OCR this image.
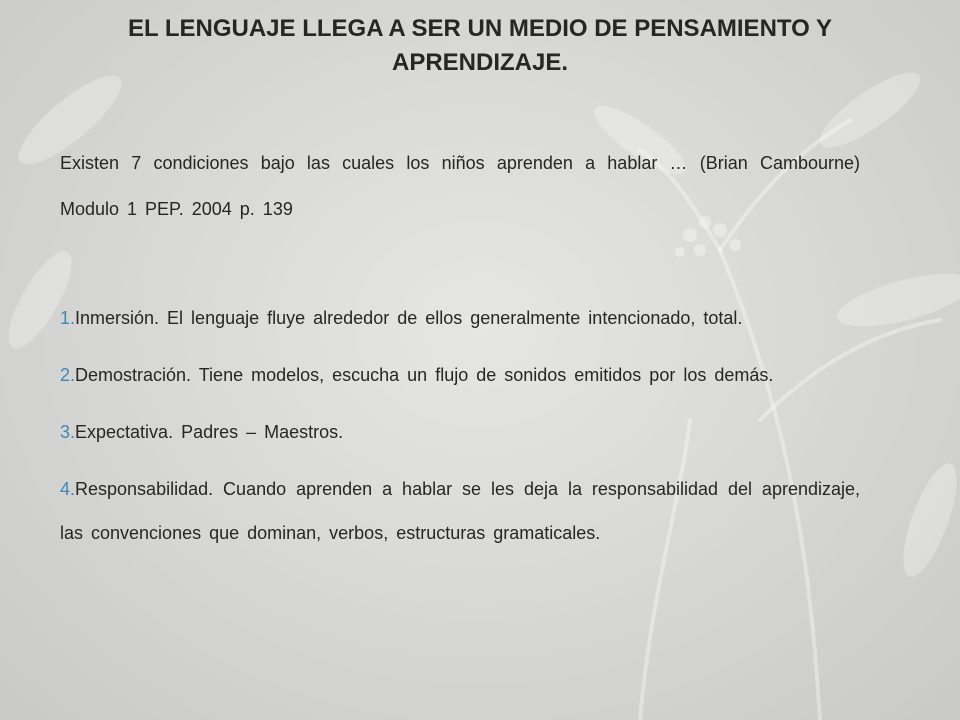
EL LENGUAJE LLEGA A SER UN MEDIO DE PENSAMIENTO Y APRENDIZAJE.

Existen 7 condiciones bajo las cuales los niños aprenden a hablar … (Brian Cambourne) Modulo 1 PEP. 2004 p. 139

1.Inmersión. El lenguaje fluye alrededor de ellos generalmente intencionado, total.
2.Demostración. Tiene modelos, escucha un flujo de sonidos emitidos por los demás.
3.Expectativa. Padres – Maestros.
4.Responsabilidad. Cuando aprenden a hablar se les deja la responsabilidad del aprendizaje, las convenciones que dominan, verbos, estructuras gramaticales.
